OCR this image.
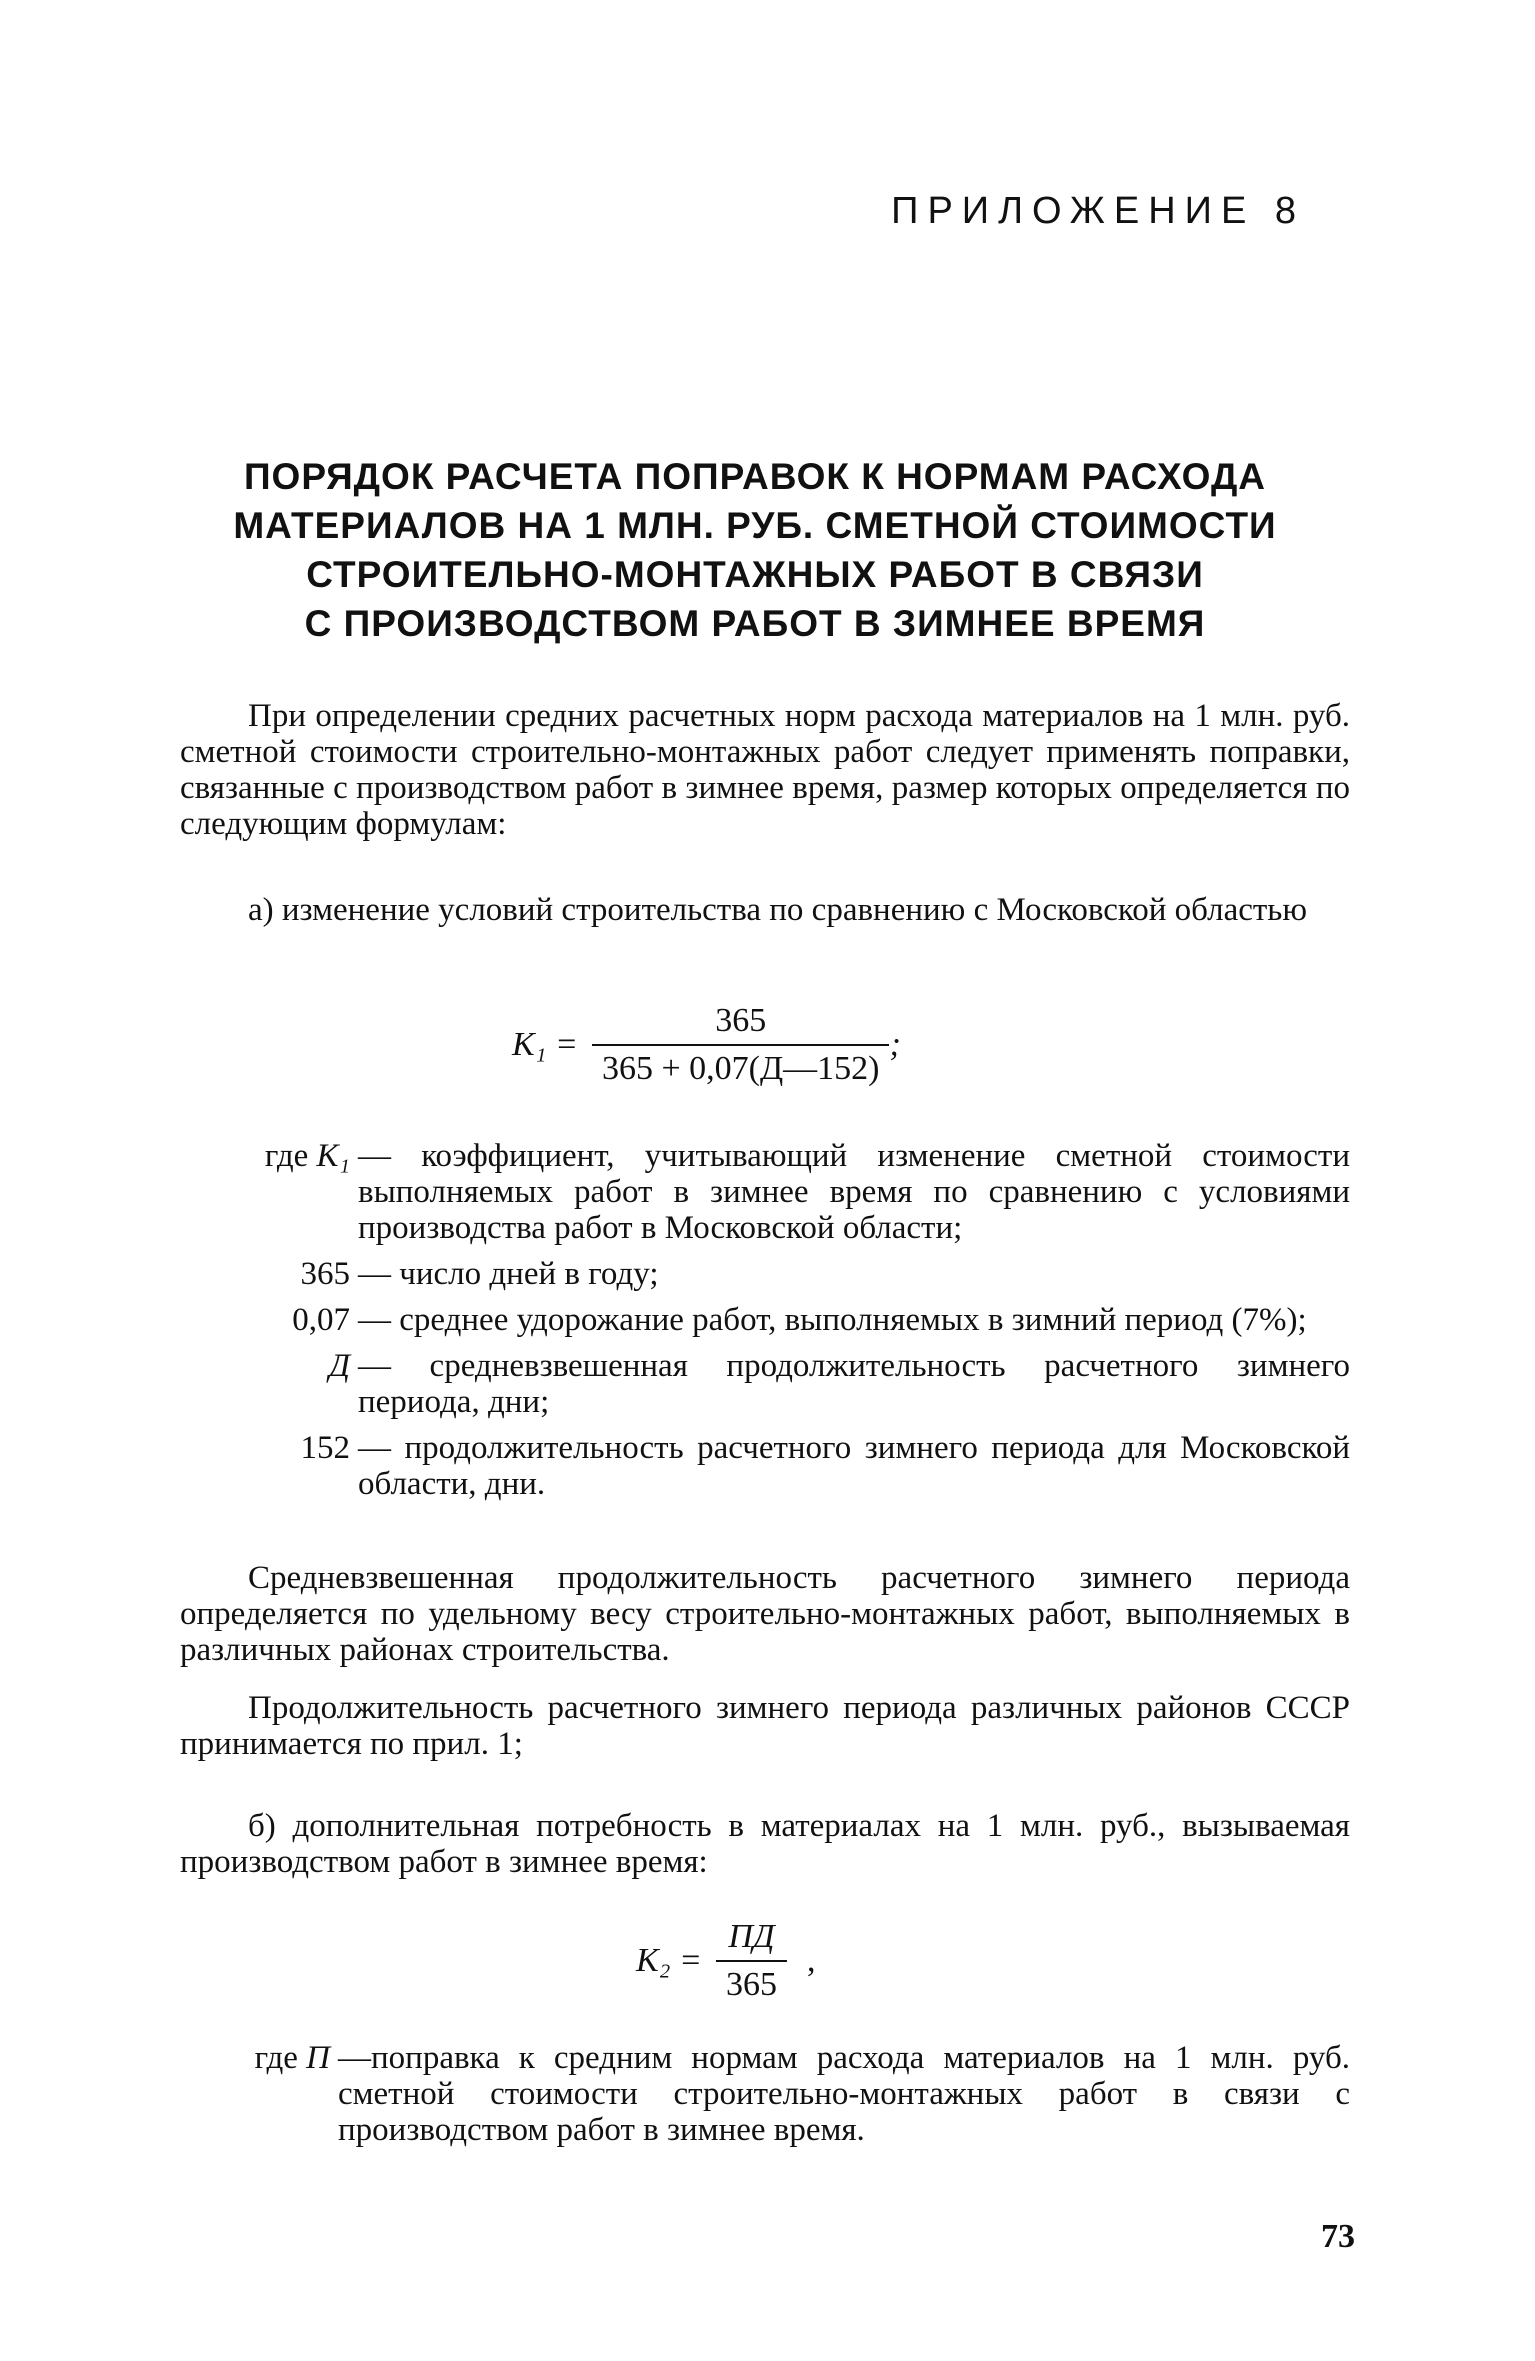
ПРИЛОЖЕНИЕ 8
ПОРЯДОК РАСЧЕТА ПОПРАВОК К НОРМАМ РАСХОДА
МАТЕРИАЛОВ НА 1 МЛН. РУБ. СМЕТНОЙ СТОИМОСТИ
СТРОИТЕЛЬНО-МОНТАЖНЫХ РАБОТ В СВЯЗИ
С ПРОИЗВОДСТВОМ РАБОТ В ЗИМНЕЕ ВРЕМЯ
При определении средних расчетных норм расхода материалов на 1 млн. руб. сметной стоимости строительно-монтажных работ следует применять поправки, связанные с производством работ в зимнее время, размер которых определяется по следующим формулам:
а) изменение условий строительства по сравнению с Московской областью
$K_1 = \frac{365}{365 + 0,07(Д—152)}$ ;
где K₁ — коэффициент, учитывающий изменение сметной стоимости выполняемых работ в зимнее время по сравнению с условиями производства работ в Московской области;
365 — число дней в году;
0,07 — среднее удорожание работ, выполняемых в зимний период (7%);
Д — средневзвешенная продолжительность расчетного зимнего периода, дни;
152 — продолжительность расчетного зимнего периода для Московской области, дни.
Средневзвешенная продолжительность расчетного зимнего периода определяется по удельному весу строительно-монтажных работ, выполняемых в различных районах строительства.
Продолжительность расчетного зимнего периода различных районов СССР принимается по прил. 1;
б) дополнительная потребность в материалах на 1 млн. руб., вызываемая производством работ в зимнее время:
$K_2 = \frac{ПД}{365}$ ,
где П —поправка к средним нормам расхода материалов на 1 млн. руб. сметной стоимости строительно-монтажных работ в связи с производством работ в зимнее время.
73
